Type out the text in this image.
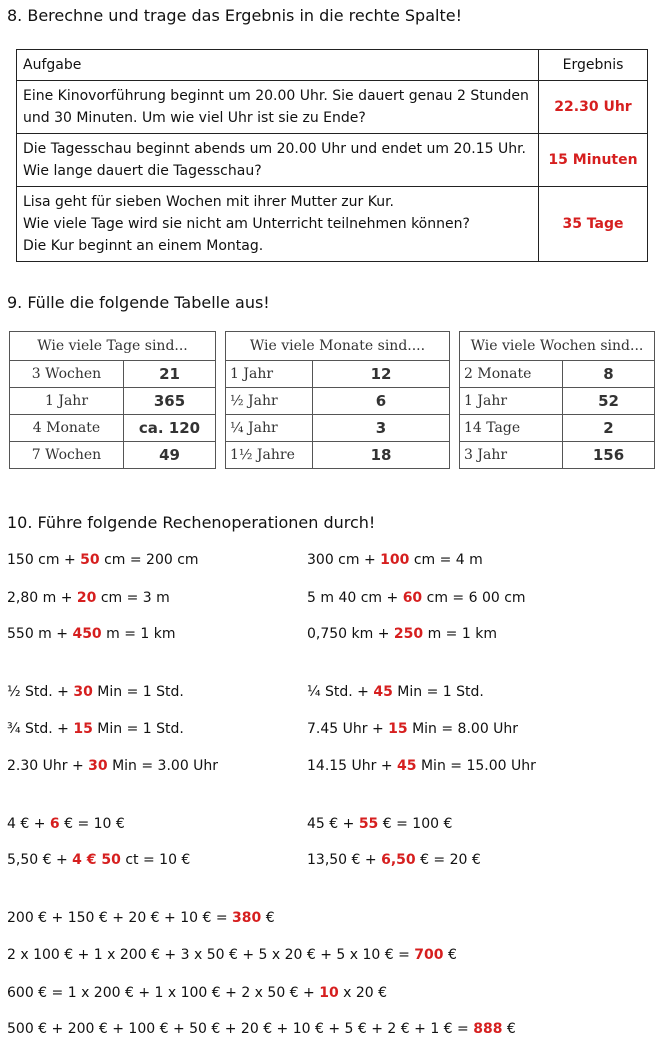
8. Berechne und trage das Ergebnis in die rechte Spalte!
Aufgabe	Ergebnis

Eine Kinovorführung beginnt um 20.00 Uhr. Sie dauert genau 2 Stunden
und 30 Minuten. Um wie viel Uhr ist sie zu Ende?	22.30 Uhr

Die Tagesschau beginnt abends um 20.00 Uhr und endet um 20.15 Uhr.
Wie lange dauert die Tagesschau?	15 Minuten

Lisa geht für sieben Wochen mit ihrer Mutter zur Kur.
Wie viele Tage wird sie nicht am Unterricht teilnehmen können?
Die Kur beginnt an einem Montag.	35 Tage
9. Fülle die folgende Tabelle aus!
Wie viele Tage sind...	
3 Wochen	21
1 Jahr	365
4 Monate	ca. 120
7 Wochen	49
Wie viele Monate sind....	
1 Jahr	12
½ Jahr	6
¼ Jahr	3
1½ Jahre	18
Wie viele Wochen sind...	
2 Monate	8
1 Jahr	52
14 Tage	2
3 Jahr	156
10. Führe folgende Rechenoperationen durch!
150 cm + 50 cm = 200 cm	300 cm + 100 cm = 4 m
2,80 m + 20 cm = 3 m	5 m 40 cm + 60 cm = 6 00 cm
550 m + 450 m = 1 km	0,750 km + 250 m = 1 km
½ Std. + 30 Min = 1 Std.	¼ Std. + 45 Min = 1 Std.
¾ Std. + 15 Min = 1 Std.	7.45 Uhr + 15 Min = 8.00 Uhr
2.30 Uhr + 30 Min = 3.00 Uhr	14.15 Uhr + 45 Min = 15.00 Uhr
4 € + 6 € = 10 €	45 € + 55 € = 100 €
5,50 € + 4 € 50 ct = 10 €	13,50 € + 6,50 € = 20 €
200 € + 150 € + 20 € + 10 € = 380 €
2 x 100 € + 1 x 200 € + 3 x 50 € + 5 x 20 € + 5 x 10 € = 700 €
600 € = 1 x 200 € + 1 x 100 € + 2 x 50 € + 10 x 20 €
500 € + 200 € + 100 € + 50 € + 20 € + 10 € + 5 € + 2 € + 1 € = 888 €
